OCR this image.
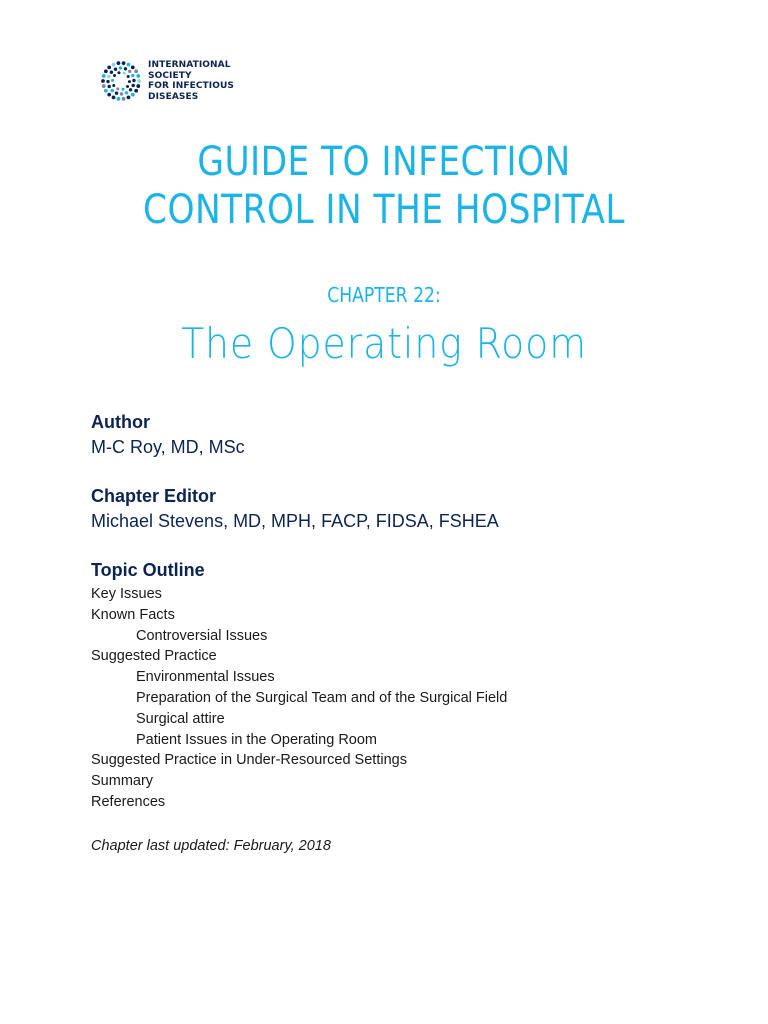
INTERNATIONAL
SOCIETY
FOR INFECTIOUS
DISEASES
GUIDE TO INFECTION
CONTROL IN THE HOSPITAL
CHAPTER 22:
The Operating Room

Author

M-C Roy, MD, MSc

Chapter Editor

Michael Stevens, MD, MPH, FACP, FIDSA, FSHEA

Topic Outline

Key Issues
Known Facts
Controversial Issues
Suggested Practice
Environmental Issues
Preparation of the Surgical Team and of the Surgical Field
Surgical attire
Patient Issues in the Operating Room
Suggested Practice in Under-Resourced Settings
Summary
References
Chapter last updated: February, 2018
